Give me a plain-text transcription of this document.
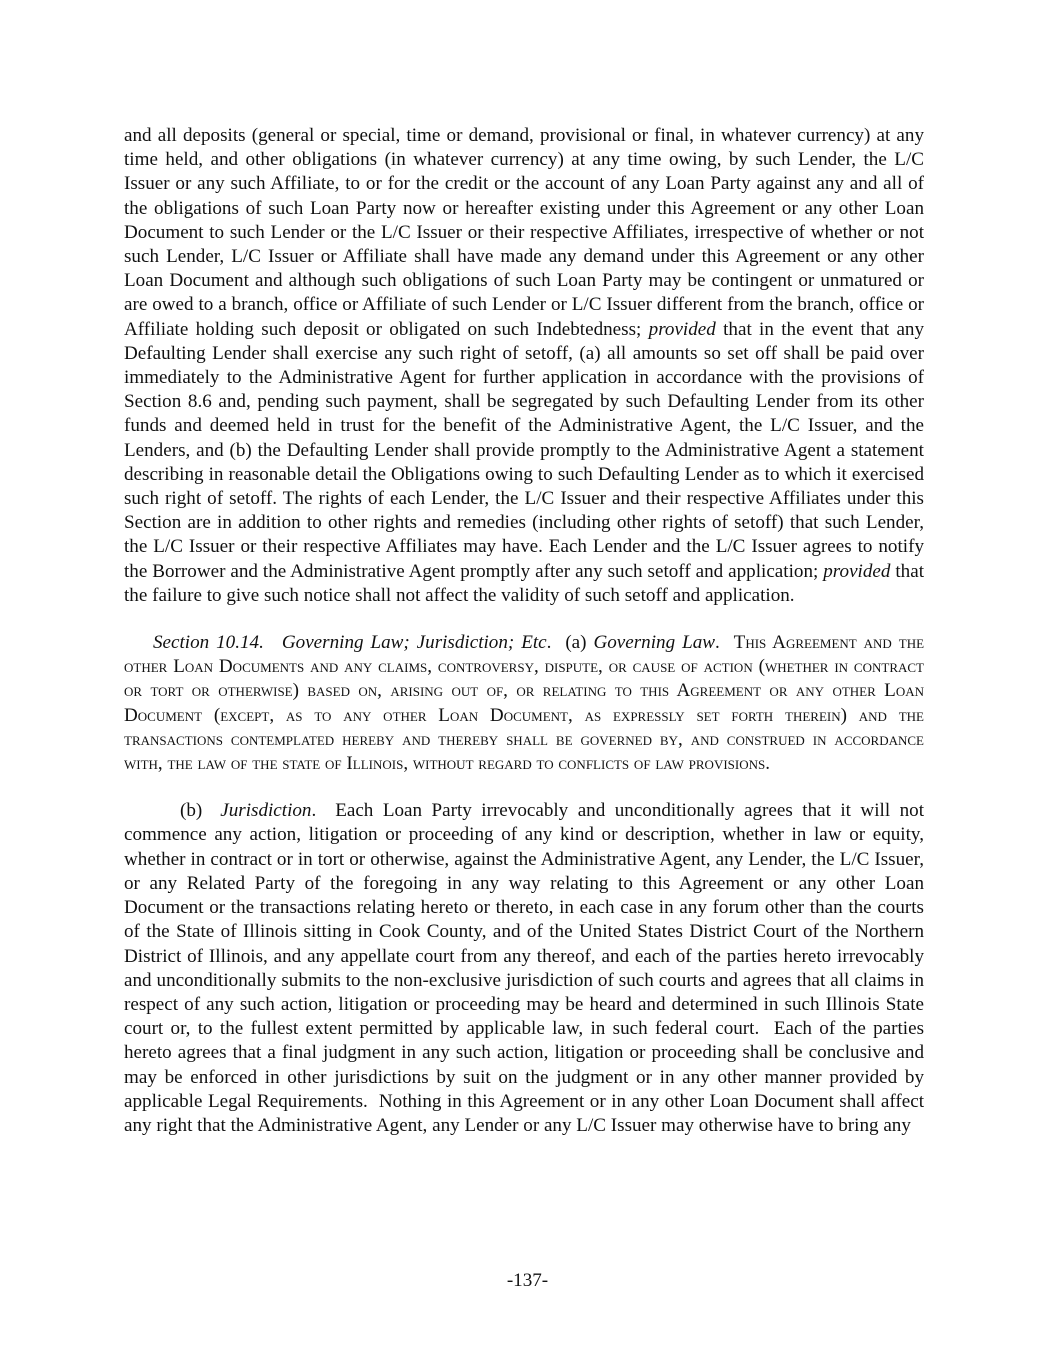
and all deposits (general or special, time or demand, provisional or final, in whatever currency) at any time held, and other obligations (in whatever currency) at any time owing, by such Lender, the L/C Issuer or any such Affiliate, to or for the credit or the account of any Loan Party against any and all of the obligations of such Loan Party now or hereafter existing under this Agreement or any other Loan Document to such Lender or the L/C Issuer or their respective Affiliates, irrespective of whether or not such Lender, L/C Issuer or Affiliate shall have made any demand under this Agreement or any other Loan Document and although such obligations of such Loan Party may be contingent or unmatured or are owed to a branch, office or Affiliate of such Lender or L/C Issuer different from the branch, office or Affiliate holding such deposit or obligated on such Indebtedness; provided that in the event that any Defaulting Lender shall exercise any such right of setoff, (a) all amounts so set off shall be paid over immediately to the Administrative Agent for further application in accordance with the provisions of Section 8.6 and, pending such payment, shall be segregated by such Defaulting Lender from its other funds and deemed held in trust for the benefit of the Administrative Agent, the L/C Issuer, and the Lenders, and (b) the Defaulting Lender shall provide promptly to the Administrative Agent a statement describing in reasonable detail the Obligations owing to such Defaulting Lender as to which it exercised such right of setoff. The rights of each Lender, the L/C Issuer and their respective Affiliates under this Section are in addition to other rights and remedies (including other rights of setoff) that such Lender, the L/C Issuer or their respective Affiliates may have. Each Lender and the L/C Issuer agrees to notify the Borrower and the Administrative Agent promptly after any such setoff and application; provided that the failure to give such notice shall not affect the validity of such setoff and application.

Section 10.14. Governing Law; Jurisdiction; Etc. (a) Governing Law. This Agreement and the other Loan Documents and any claims, controversy, dispute, or cause of action (whether in contract or tort or otherwise) based on, arising out of, or relating to this Agreement or any other Loan Document (except, as to any other Loan Document, as expressly set forth therein) and the transactions contemplated hereby and thereby shall be governed by, and construed in accordance with, the law of the state of Illinois, without regard to conflicts of law provisions.

(b) Jurisdiction.  Each Loan Party irrevocably and unconditionally agrees that it will not commence any action, litigation or proceeding of any kind or description, whether in law or equity, whether in contract or in tort or otherwise, against the Administrative Agent, any Lender, the L/C Issuer, or any Related Party of the foregoing in any way relating to this Agreement or any other Loan Document or the transactions relating hereto or thereto, in each case in any forum other than the courts of the State of Illinois sitting in Cook County, and of the United States District Court of the Northern District of Illinois, and any appellate court from any thereof, and each of the parties hereto irrevocably and unconditionally submits to the non-exclusive jurisdiction of such courts and agrees that all claims in respect of any such action, litigation or proceeding may be heard and determined in such Illinois State court or, to the fullest extent permitted by applicable law, in such federal court.  Each of the parties hereto agrees that a final judgment in any such action, litigation or proceeding shall be conclusive and may be enforced in other jurisdictions by suit on the judgment or in any other manner provided by applicable Legal Requirements.  Nothing in this Agreement or in any other Loan Document shall affect any right that the Administrative Agent, any Lender or any L/C Issuer may otherwise have to bring any

-137-
